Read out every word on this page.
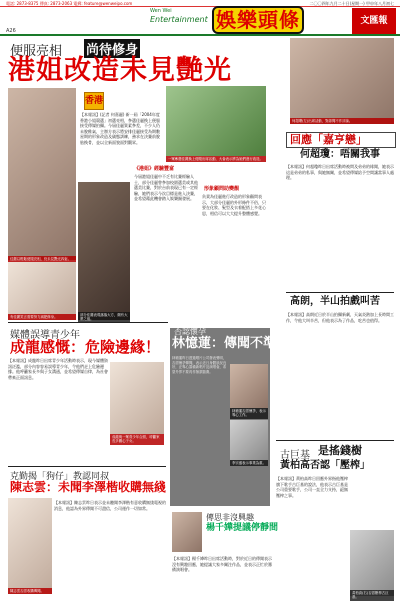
電話: 2873-8375 傳真: 2873-2063 電郵: feature@wenweipo.com	二〇〇四年九月二十日(星期一) 甲申年八月初七
Wen Wei
Entertainment 娛樂頭條	文匯報
A26
便服亮相 尚待修身
港姐改造未見艷光
佳麗以輕鬆便服亮相，仍未見艷光四射。
有佳麗笑言需要努力減肥修身。	部分佳麗表現落落大方，頗有大將之風。
香港
【本報訊】(記者 何嘉麗) 新一屆「2004年度香港小姐競選」初選亮相，參選佳麗換上便服接受傳媒拍攝。今屆佳麗質素參差，不少人仍未脫稚氣，主辦方表示將安排佳麗接受為期數星期的形象改造及儀態訓練，務求在決賽前脫胎換骨，並以全新面貌面對觀眾。
一眾參選佳麗換上便服出席活動，大會表示將為她們進行改造。
《港姐》經驗豐富
今屆港姐佳麗中不乏有比賽經驗人士，部分佳麗曾參加校園選美或其他選美比賽，對於台前表現已有一定經驗，她們表示今次目標是進入決賽，並希望藉此機會踏入娛樂圈發展。
形象顧問助變靚
負責為佳麗進行改造的形象顧問表示，大部分佳麗的外形條件不俗，只要在化妝、髮型及衣着配搭上多花心思，相信可以大大提升整體感覺。
媒體誤導青少年
成龍感慨：危險邊緣！
【本報訊】成龍昨日出席青少年活動時表示，現今媒體資訊泛濫，部分內容容易誤導青少年，令他們走上危險邊緣。他呼籲家長多與子女溝通，並希望傳媒自律，為社會帶來正面訊息。
成龍與一眾青少年合照，呼籲家長多關心子女。
否認懷孕
林憶蓮：傳聞不準信
林憶蓮昨日透過唱片公司發表聲明，否認懷孕傳聞，表示近日身體狀況良好，正專心籌備新唱片及演唱會，希望外界不要再作無謂揣測。
林憶蓮否認懷孕，表示專心工作。
李宗盛表示事業為重。
何超瓊(左)出席活動，對緋聞不作評論。
回應「嘉亨戀」
何超瓊：唔關我事
【本報訊】何超瓊昨日出席活動時被問及弟弟的緋聞，她表示這是弟弟的私事，與她無關，並希望傳媒給予空間讓當事人處理。
高朗，半山拍戲叫苦
【本報訊】高朗近日於半山拍攝新劇，天氣炎熱加上長時間工作，令他大叫辛苦，但他表示為了作品，吃苦也值得。
古巨基 是搖錢樹
黃柏高否認「壓榨」
【本報訊】黃柏高昨日回應外界指他壓榨旗下歌手古巨基的說法，他表示古巨基是公司重要歌手，公司一直全力支持，絕無壓榨之事。
黃柏高(右)否認壓榨古巨基。
克勤揭「狗仔」教認同叔
陳志雲：未聞李澤楷收購無綫
陳志雲否認收購傳聞。
【本報訊】陳志雲昨日表示並未聽聞李澤楷有意收購無綫電視的消息，他認為外界傳聞不可盡信，公司運作一切如常。
傳思非沒興趣
楊千嬅提議停靜間
【本報訊】楊千嬅昨日出席活動時，對於近日的傳聞表示沒有興趣回應，她提議大家多關注作品，並表示正忙於籌備演唱會。
